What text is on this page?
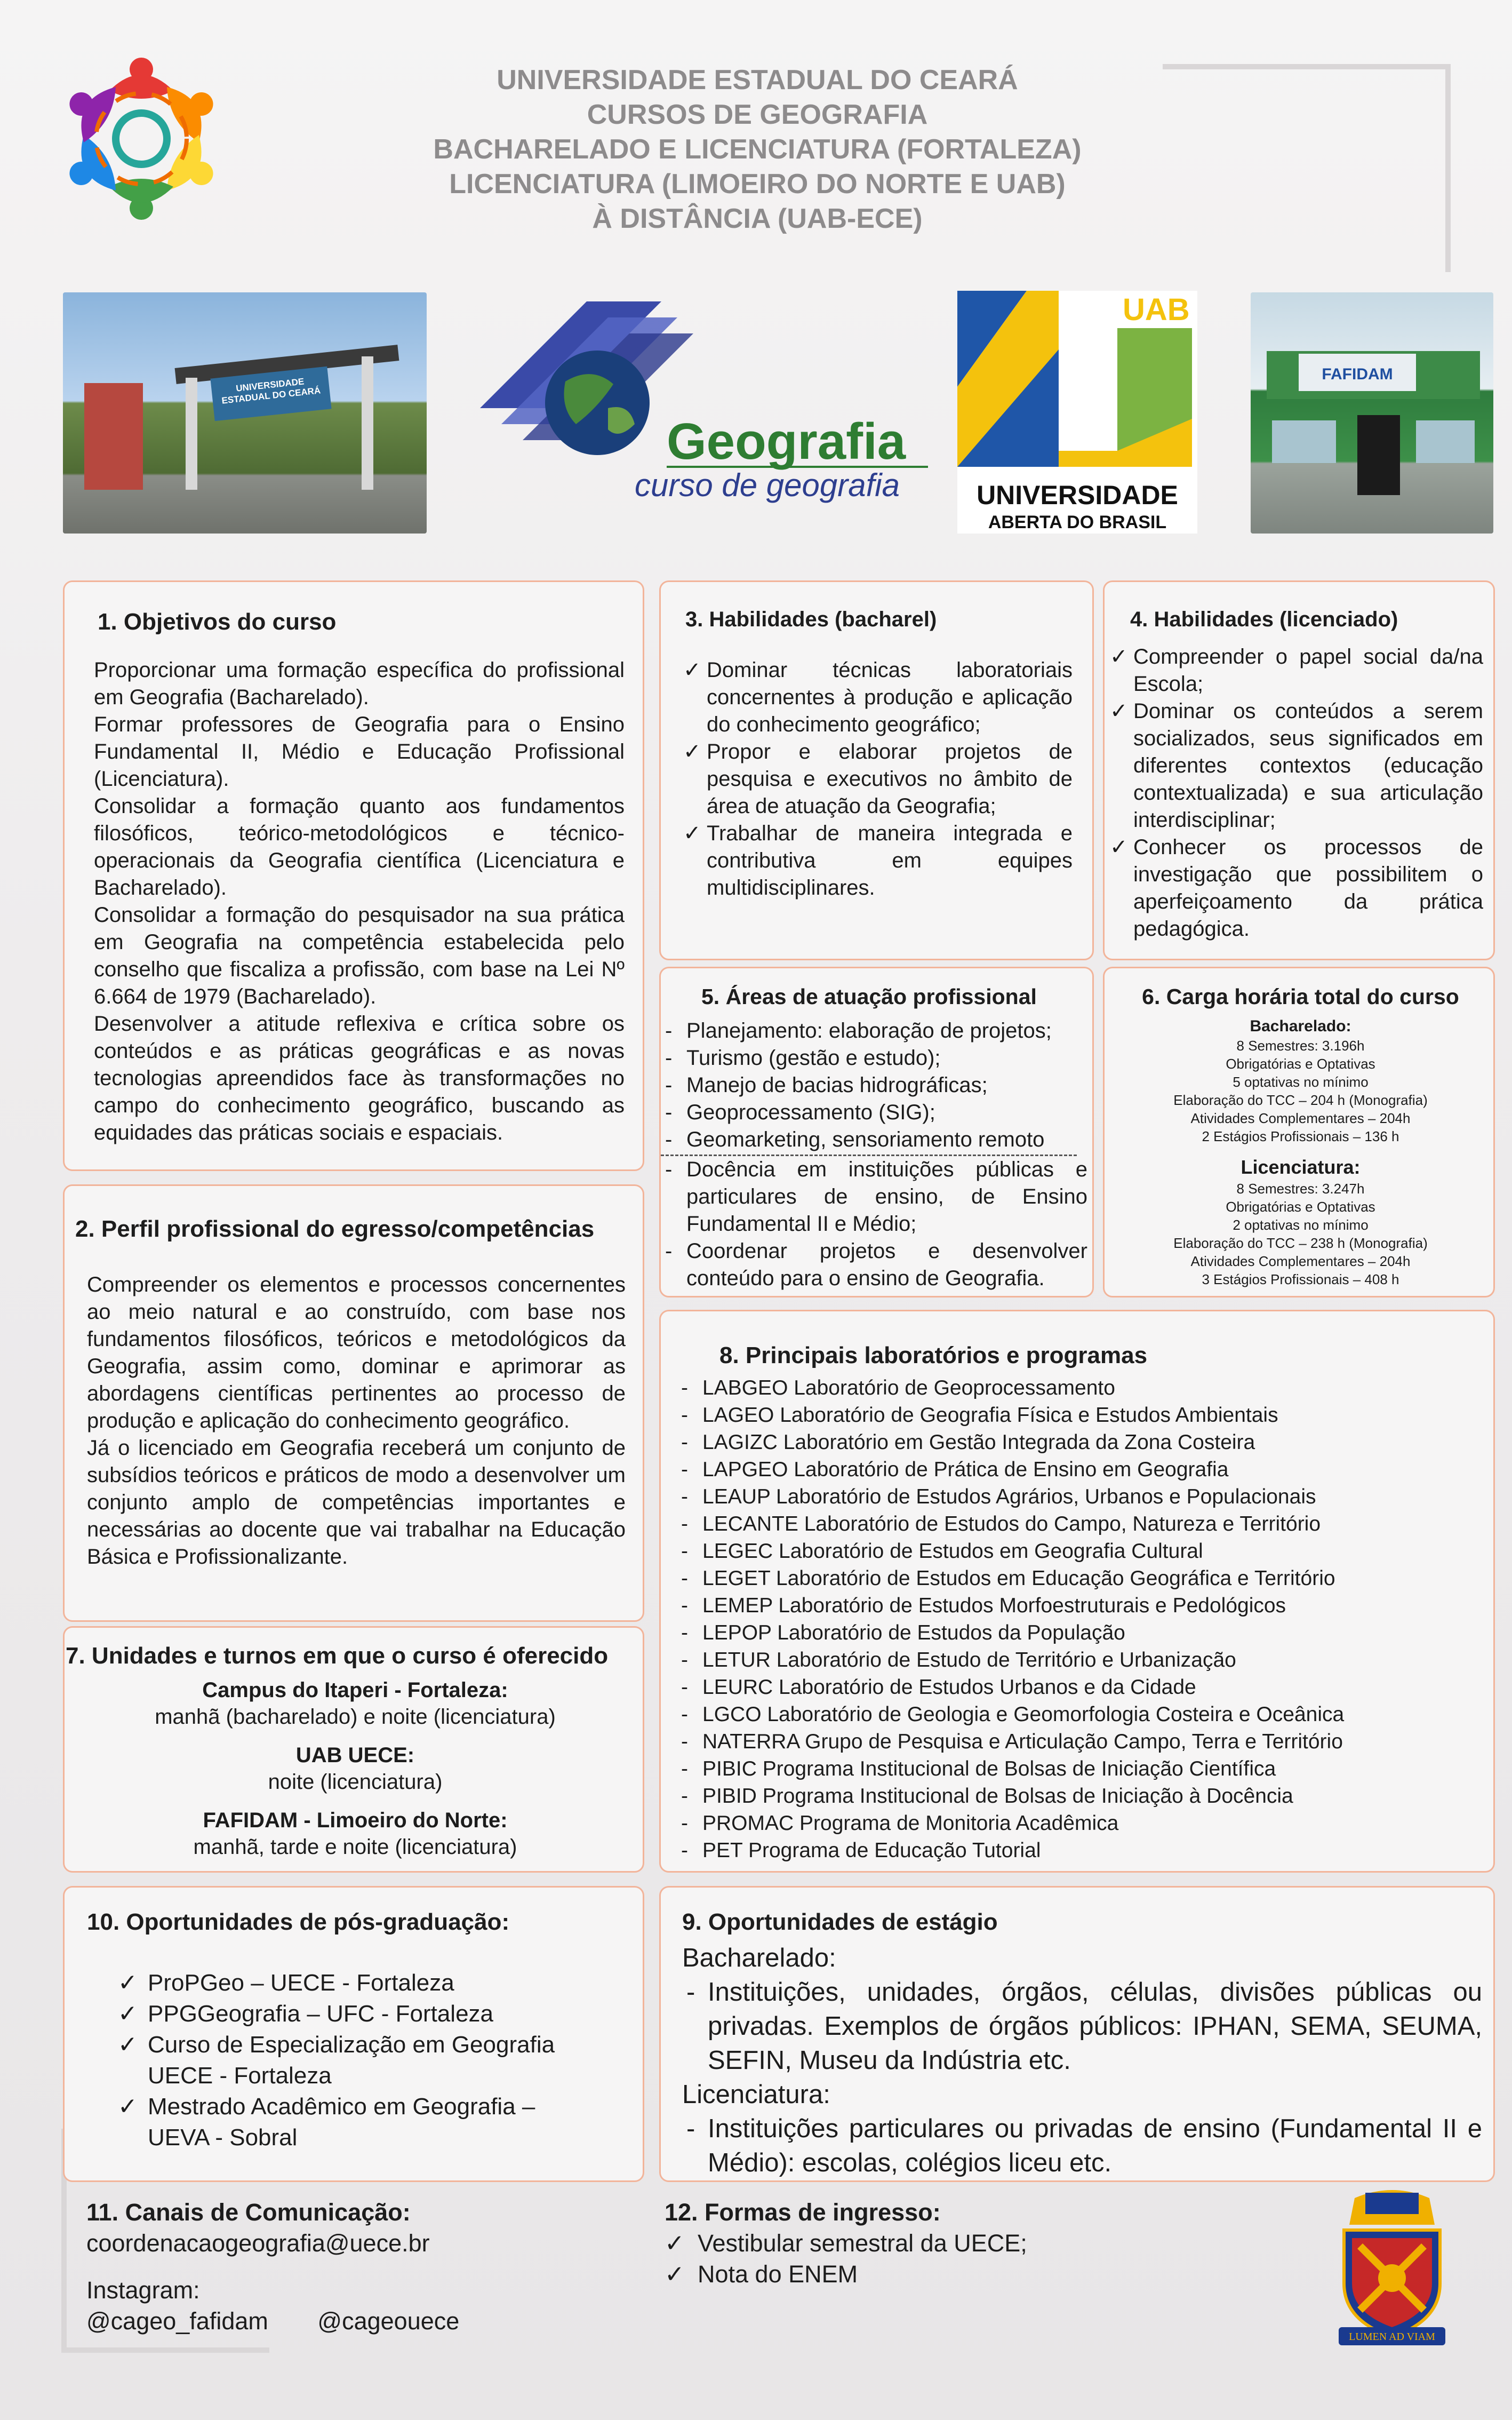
UNIVERSIDADE ESTADUAL DO CEARÁ
CURSOS DE GEOGRAFIA
BACHARELADO E LICENCIATURA (FORTALEZA)
LICENCIATURA (LIMOEIRO DO NORTE E UAB)
À DISTÂNCIA (UAB-ECE)
UNIVERSIDADE ESTADUAL DO CEARÁ
Geografia
curso de geografia
UAB
UNIVERSIDADE
ABERTA DO BRASIL
FAFIDAM
1. Objetivos do curso

Proporcionar uma formação específica do profissional em Geografia (Bacharelado).

Formar professores de Geografia para o Ensino Fundamental II, Médio e Educação Profissional (Licenciatura).

Consolidar a formação quanto aos fundamentos filosóficos, teórico-metodológicos e técnico-operacionais da Geografia científica (Licenciatura e Bacharelado).

Consolidar a formação do pesquisador na sua prática em Geografia na competência estabelecida pelo conselho que fiscaliza a profissão, com base na Lei Nº 6.664 de 1979 (Bacharelado).

Desenvolver a atitude reflexiva e crítica sobre os conteúdos e as práticas geográficas e as novas tecnologias apreendidos face às transformações no campo do conhecimento geográfico, buscando as equidades das práticas sociais e espaciais.

2. Perfil profissional do egresso/competências

Compreender os elementos e processos concernentes ao meio natural e ao construído, com base nos fundamentos filosóficos, teóricos e metodológicos da Geografia, assim como, dominar e aprimorar as abordagens científicas pertinentes ao processo de produção e aplicação do conhecimento geográfico.

Já o licenciado em Geografia receberá um conjunto de subsídios teóricos e práticos de modo a desenvolver um conjunto amplo de competências importantes e necessárias ao docente que vai trabalhar na Educação Básica e Profissionalizante.

3. Habilidades (bacharel)
✓ Dominar técnicas laboratoriais concernentes à produção e aplicação do conhecimento geográfico;
✓ Propor e elaborar projetos de pesquisa e executivos no âmbito de área de atuação da Geografia;
✓ Trabalhar de maneira integrada e contributiva em equipes multidisciplinares.
4. Habilidades (licenciado)
✓ Compreender o papel social da/na Escola;
✓ Dominar os conteúdos a serem socializados, seus significados em diferentes contextos (educação contextualizada) e sua articulação interdisciplinar;
✓ Conhecer os processos de investigação que possibilitem o aperfeiçoamento da prática pedagógica.
5. Áreas de atuação profissional
- Planejamento: elaboração de projetos;
- Turismo (gestão e estudo);
- Manejo de bacias hidrográficas;
- Geoprocessamento (SIG);
- Geomarketing, sensoriamento remoto
- Docência em instituições públicas e particulares de ensino, de Ensino Fundamental II e Médio;
- Coordenar projetos e desenvolver conteúdo para o ensino de Geografia.
6. Carga horária total do curso
Bacharelado:
8 Semestres: 3.196h
Obrigatórias e Optativas
5 optativas no mínimo
Elaboração do TCC – 204 h (Monografia)
Atividades Complementares – 204h
2 Estágios Profissionais – 136 h
Licenciatura:
8 Semestres: 3.247h
Obrigatórias e Optativas
2 optativas no mínimo
Elaboração do TCC – 238 h (Monografia)
Atividades Complementares – 204h
3 Estágios Profissionais – 408 h
7. Unidades e turnos em que o curso é oferecido
Campus do Itaperi - Fortaleza:
manhã (bacharelado) e noite (licenciatura)
UAB UECE:
noite (licenciatura)
FAFIDAM - Limoeiro do Norte:
manhã, tarde e noite (licenciatura)
8. Principais laboratórios e programas
- LABGEO Laboratório de Geoprocessamento
- LAGEO Laboratório de Geografia Física e Estudos Ambientais
- LAGIZC Laboratório em Gestão Integrada da Zona Costeira
- LAPGEO Laboratório de Prática de Ensino em Geografia
- LEAUP Laboratório de Estudos Agrários, Urbanos e Populacionais
- LECANTE Laboratório de Estudos do Campo, Natureza e Território
- LEGEC Laboratório de Estudos em Geografia Cultural
- LEGET Laboratório de Estudos em Educação Geográfica e Território
- LEMEP Laboratório de Estudos Morfoestruturais e Pedológicos
- LEPOP Laboratório de Estudos da População
- LETUR Laboratório de Estudo de Território e Urbanização
- LEURC Laboratório de Estudos Urbanos e da Cidade
- LGCO Laboratório de Geologia e Geomorfologia Costeira e Oceânica
- NATERRA Grupo de Pesquisa e Articulação Campo, Terra e Território
- PIBIC Programa Institucional de Bolsas de Iniciação Científica
- PIBID Programa Institucional de Bolsas de Iniciação à Docência
- PROMAC Programa de Monitoria Acadêmica
- PET Programa de Educação Tutorial
10. Oportunidades de pós-graduação:
✓ ProPGeo – UECE - Fortaleza
✓ PPGGeografia – UFC - Fortaleza
✓ Curso de Especialização em Geografia UECE - Fortaleza
✓ Mestrado Acadêmico em Geografia – UEVA - Sobral
9. Oportunidades de estágio
Bacharelado:
- Instituições, unidades, órgãos, células, divisões públicas ou privadas. Exemplos de órgãos públicos: IPHAN, SEMA, SEUMA, SEFIN, Museu da Indústria etc.
Licenciatura:
- Instituições particulares ou privadas de ensino (Fundamental II e Médio): escolas, colégios liceu etc.
11. Canais de Comunicação:
coordenacaogeografia@uece.br
Instagram:
@cageo_fafidam @cageouece
12. Formas de ingresso:
✓ Vestibular semestral da UECE;
✓ Nota do ENEM
LUMEN AD VIAM
